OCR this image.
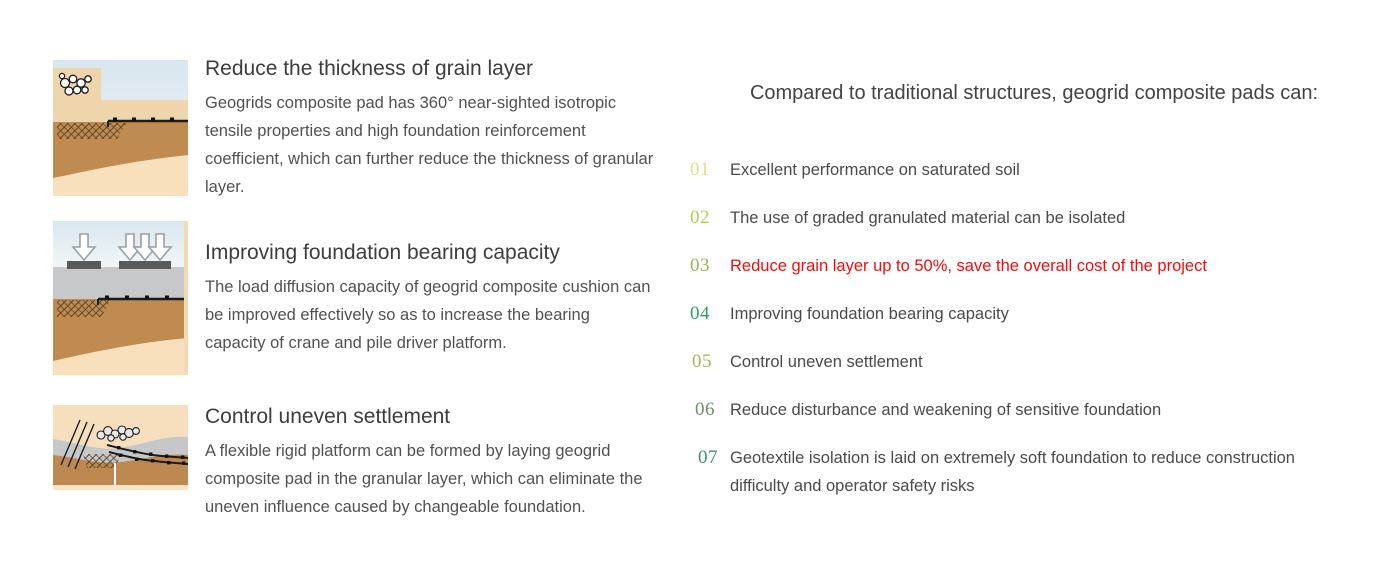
Reduce the thickness of grain layer

Geogrids composite pad has 360° near-sighted isotropic tensile properties and high foundation reinforcement coefficient, which can further reduce the thickness of granular layer.

Improving foundation bearing capacity

The load diffusion capacity of geogrid composite cushion can be improved effectively so as to increase the bearing capacity of crane and pile driver platform.

Control uneven settlement

A flexible rigid platform can be formed by laying geogrid composite pad in the granular layer, which can eliminate the uneven influence caused by changeable foundation.

Compared to traditional structures, geogrid composite pads can:
01	Excellent performance on saturated soil
02	The use of graded granulated material can be isolated
03	Reduce grain layer up to 50%, save the overall cost of the project
04	Improving foundation bearing capacity
05	Control uneven settlement
06 Reduce disturbance and weakening of sensitive foundation
07 Geotextile isolation is laid on extremely soft foundation to reduce construction difficulty and operator safety risks
